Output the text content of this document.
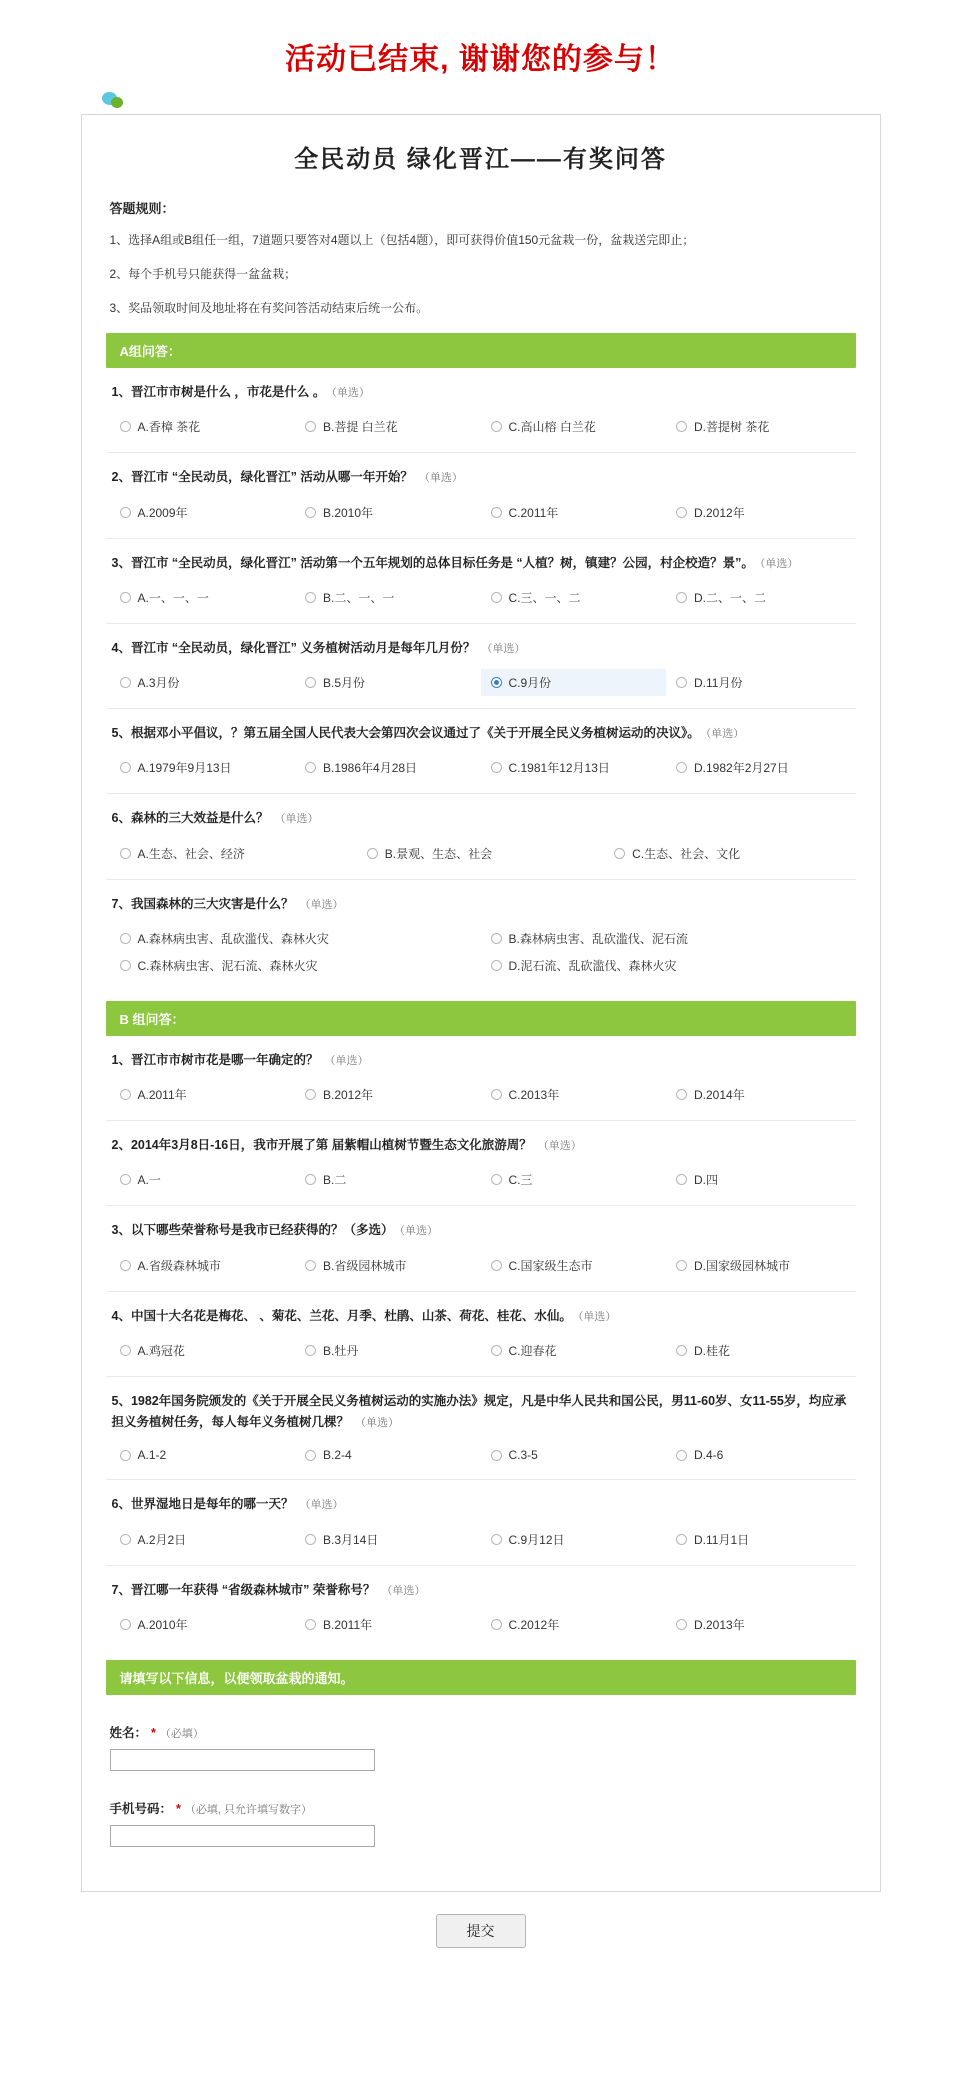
活动已结束, 谢谢您的参与！
全民动员 绿化晋江——有奖问答
答题规则：

1、选择A组或B组任一组，7道题只要答对4题以上（包括4题），即可获得价值150元盆栽一份，盆栽送完即止；

2、每个手机号只能获得一盆盆栽；

3、奖品领取时间及地址将在有奖问答活动结束后统一公布。

A组问答：
1、晋江市市树是什么 ，市花是什么 。 （单选）
A.香樟 茶花	B.菩提 白兰花	C.高山榕 白兰花	D.菩提树 茶花
2、晋江市 “全民动员，绿化晋江” 活动从哪一年开始？ （单选）
A.2009年	B.2010年	C.2011年	D.2012年
3、晋江市 “全民动员，绿化晋江” 活动第一个五年规划的总体目标任务是 “人植？树，镇建？公园，村企校造？景”。 （单选）
A.一、一、一	B.二、一、一	C.三、一、二	D.二、一、二
4、晋江市 “全民动员，绿化晋江” 义务植树活动月是每年几月份？ （单选）
A.3月份	B.5月份	C.9月份	D.11月份
5、根据邓小平倡议，？第五届全国人民代表大会第四次会议通过了《关于开展全民义务植树运动的决议》。 （单选）
A.1979年9月13日	B.1986年4月28日	C.1981年12月13日	D.1982年2月27日
6、森林的三大效益是什么？ （单选）
A.生态、社会、经济	B.景观、生态、社会	C.生态、社会、文化
7、我国森林的三大灾害是什么？ （单选）
A.森林病虫害、乱砍滥伐、森林火灾	B.森林病虫害、乱砍滥伐、泥石流
C.森林病虫害、泥石流、森林火灾	D.泥石流、乱砍滥伐、森林火灾
B 组问答：
1、晋江市市树市花是哪一年确定的？ （单选）
A.2011年	B.2012年	C.2013年	D.2014年
2、2014年3月8日-16日，我市开展了第 届紫帽山植树节暨生态文化旅游周？ （单选）
A.一	B.二	C.三	D.四
3、以下哪些荣誉称号是我市已经获得的？（多选） （单选）
A.省级森林城市	B.省级园林城市	C.国家级生态市	D.国家级园林城市
4、中国十大名花是梅花、 、菊花、兰花、月季、杜鹃、山茶、荷花、桂花、水仙。 （单选）
A.鸡冠花	B.牡丹	C.迎春花	D.桂花
5、1982年国务院颁发的《关于开展全民义务植树运动的实施办法》规定，凡是中华人民共和国公民，男11-60岁、女11-55岁，均应承担义务植树任务，每人每年义务植树几棵？ （单选）
A.1-2	B.2-4	C.3-5	D.4-6
6、世界湿地日是每年的哪一天？ （单选）
A.2月2日	B.3月14日	C.9月12日	D.11月1日
7、晋江哪一年获得 “省级森林城市” 荣誉称号？ （单选）
A.2010年	B.2011年	C.2012年	D.2013年
请填写以下信息，以便领取盆栽的通知。
姓名： * （必填）
手机号码： * （必填, 只允许填写数字）
提交
